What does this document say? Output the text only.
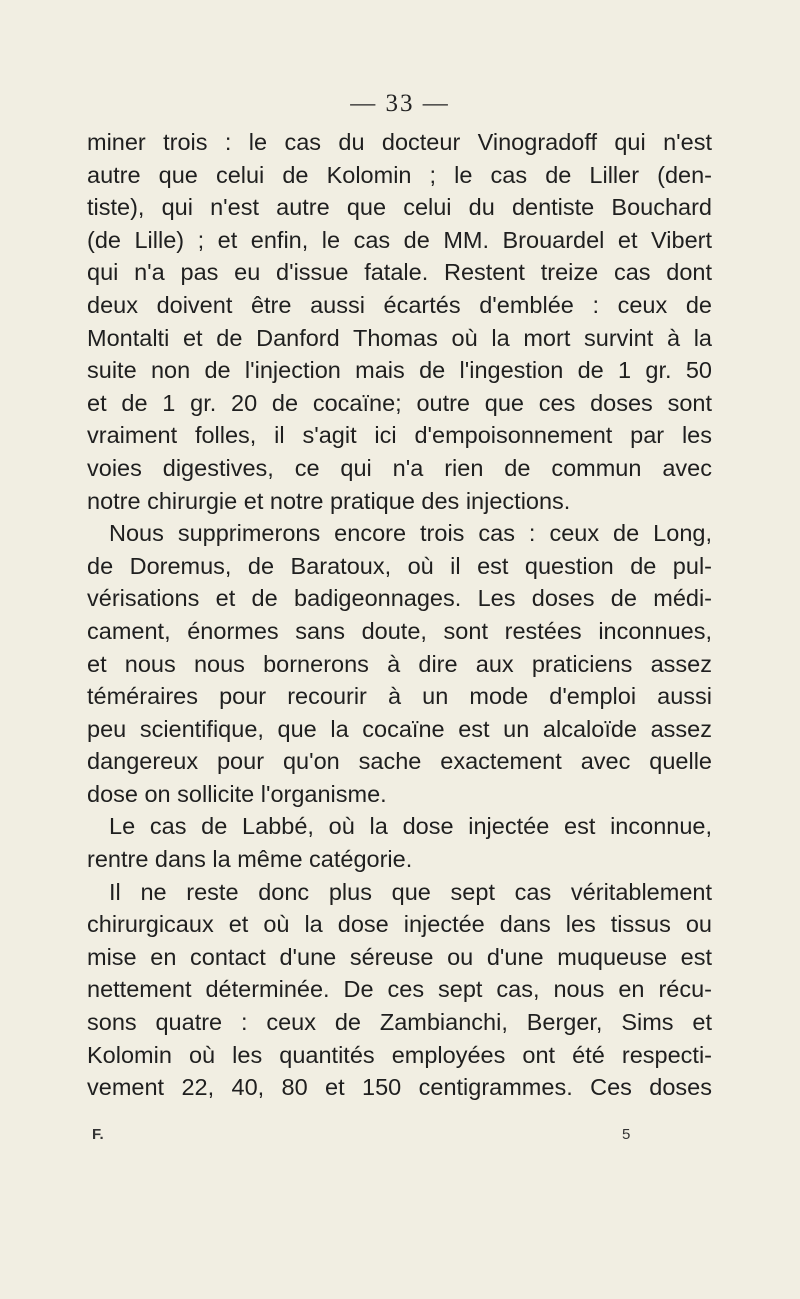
— 33 —
miner trois : le cas du docteur Vinogradoff qui n'est
autre que celui de Kolomin ; le cas de Liller (den-
tiste), qui n'est autre que celui du dentiste Bouchard
(de Lille) ; et enfin, le cas de MM. Brouardel et Vibert
qui n'a pas eu d'issue fatale. Restent treize cas dont
deux doivent être aussi écartés d'emblée : ceux de
Montalti et de Danford Thomas où la mort survint à la
suite non de l'injection mais de l'ingestion de 1 gr. 50
et de 1 gr. 20 de cocaïne; outre que ces doses sont
vraiment folles, il s'agit ici d'empoisonnement par les
voies digestives, ce qui n'a rien de commun avec
notre chirurgie et notre pratique des injections.
Nous supprimerons encore trois cas : ceux de Long,
de Doremus, de Baratoux, où il est question de pul-
vérisations et de badigeonnages. Les doses de médi-
cament, énormes sans doute, sont restées inconnues,
et nous nous bornerons à dire aux praticiens assez
téméraires pour recourir à un mode d'emploi aussi
peu scientifique, que la cocaïne est un alcaloïde assez
dangereux pour qu'on sache exactement avec quelle
dose on sollicite l'organisme.
Le cas de Labbé, où la dose injectée est inconnue,
rentre dans la même catégorie.
Il ne reste donc plus que sept cas véritablement
chirurgicaux et où la dose injectée dans les tissus ou
mise en contact d'une séreuse ou d'une muqueuse est
nettement déterminée. De ces sept cas, nous en récu-
sons quatre : ceux de Zambianchi, Berger, Sims et
Kolomin où les quantités employées ont été respecti-
vement 22, 40, 80 et 150 centigrammes. Ces doses
F.	5
